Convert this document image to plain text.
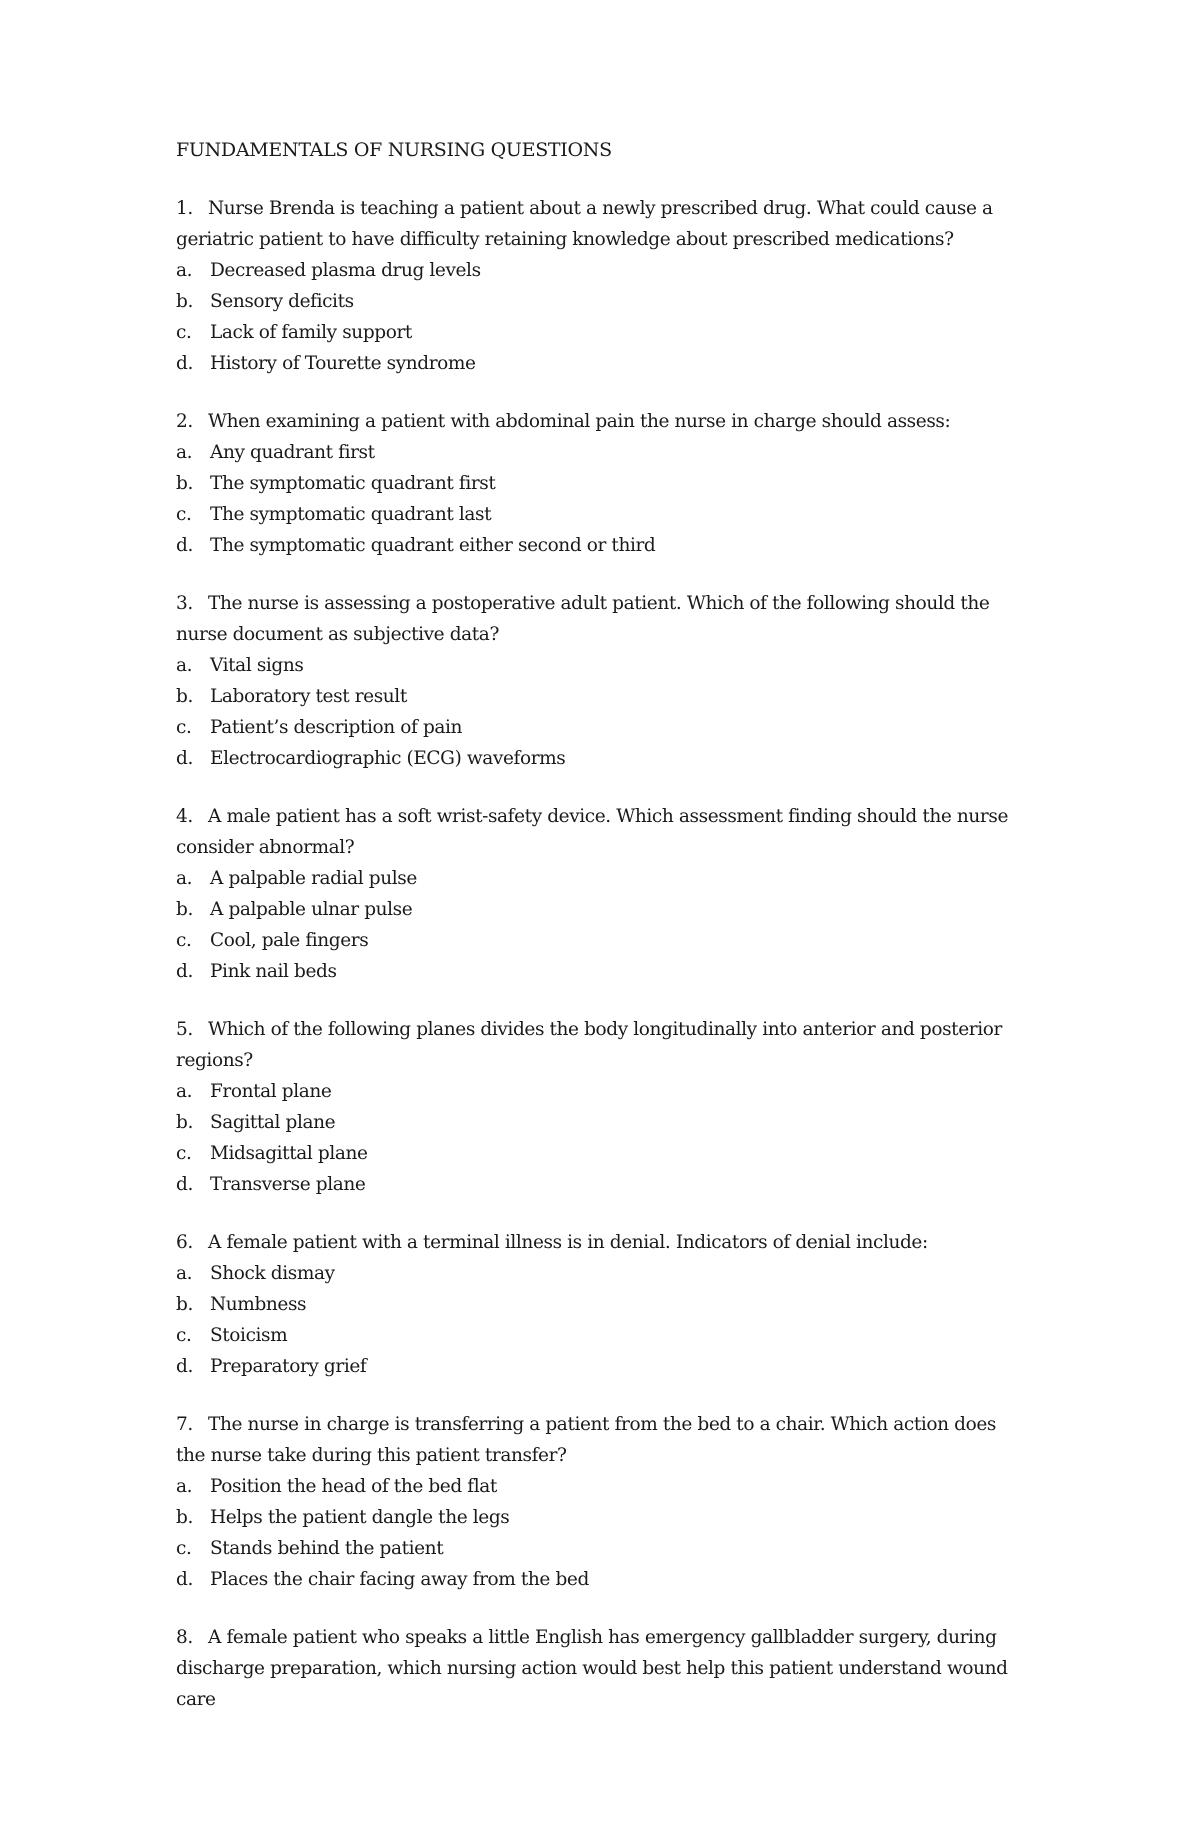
FUNDAMENTALS OF NURSING QUESTIONS

1. Nurse Brenda is teaching a patient about a newly prescribed drug. What could cause a geriatric patient to have difficulty retaining knowledge about prescribed medications?

a. Decreased plasma drug levels
b. Sensory deficits
c. Lack of family support
d. History of Tourette syndrome

2. When examining a patient with abdominal pain the nurse in charge should assess:

a. Any quadrant first
b. The symptomatic quadrant first
c. The symptomatic quadrant last
d. The symptomatic quadrant either second or third

3. The nurse is assessing a postoperative adult patient. Which of the following should the nurse document as subjective data?

a. Vital signs
b. Laboratory test result
c. Patient’s description of pain
d. Electrocardiographic (ECG) waveforms

4. A male patient has a soft wrist-safety device. Which assessment finding should the nurse consider abnormal?

a. A palpable radial pulse
b. A palpable ulnar pulse
c. Cool, pale fingers
d. Pink nail beds

5. Which of the following planes divides the body longitudinally into anterior and posterior regions?

a. Frontal plane
b. Sagittal plane
c. Midsagittal plane
d. Transverse plane

6. A female patient with a terminal illness is in denial. Indicators of denial include:

a. Shock dismay
b. Numbness
c. Stoicism
d. Preparatory grief

7. The nurse in charge is transferring a patient from the bed to a chair. Which action does the nurse take during this patient transfer?

a. Position the head of the bed flat
b. Helps the patient dangle the legs
c. Stands behind the patient
d. Places the chair facing away from the bed

8. A female patient who speaks a little English has emergency gallbladder surgery, during discharge preparation, which nursing action would best help this patient understand wound care
